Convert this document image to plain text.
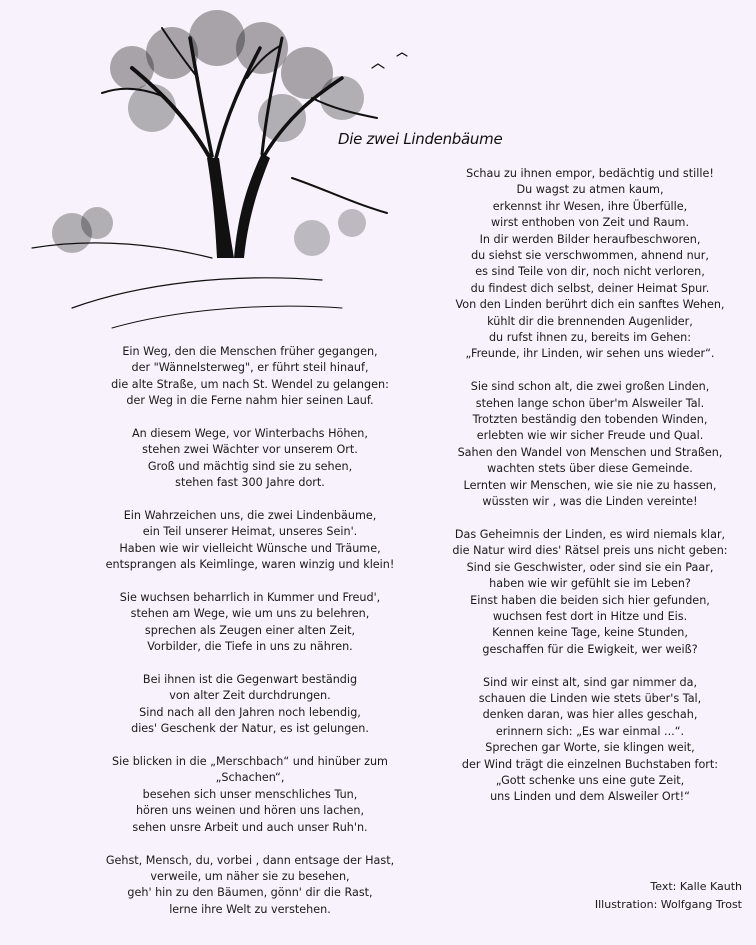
Die zwei Lindenbäume
Ein Weg, den die Menschen früher gegangen,
der "Wännelsterweg", er führt steil hinauf,
die alte Straße, um nach St. Wendel zu gelangen:
der Weg in die Ferne nahm hier seinen Lauf.
An diesem Wege, vor Winterbachs Höhen,
stehen zwei Wächter vor unserem Ort.
Groß und mächtig sind sie zu sehen,
stehen fast 300 Jahre dort.
Ein Wahrzeichen uns, die zwei Lindenbäume,
ein Teil unserer Heimat, unseres Sein'.
Haben wie wir vielleicht Wünsche und Träume,
entsprangen als Keimlinge, waren winzig und klein!
Sie wuchsen beharrlich in Kummer und Freud',
stehen am Wege, wie um uns zu belehren,
sprechen als Zeugen einer alten Zeit,
Vorbilder, die Tiefe in uns zu nähren.
Bei ihnen ist die Gegenwart beständig
von alter Zeit durchdrungen.
Sind nach all den Jahren noch lebendig,
dies' Geschenk der Natur, es ist gelungen.
Sie blicken in die „Merschbach“ und hinüber zum
„Schachen“,
besehen sich unser menschliches Tun,
hören uns weinen und hören uns lachen,
sehen unsre Arbeit und auch unser Ruh'n.
Gehst, Mensch, du, vorbei , dann entsage der Hast,
verweile, um näher sie zu besehen,
geh' hin zu den Bäumen, gönn' dir die Rast,
lerne ihre Welt zu verstehen.
Schau zu ihnen empor, bedächtig und stille!
Du wagst zu atmen kaum,
erkennst ihr Wesen, ihre Überfülle,
wirst enthoben von Zeit und Raum.
In dir werden Bilder heraufbeschworen,
du siehst sie verschwommen, ahnend nur,
es sind Teile von dir, noch nicht verloren,
du findest dich selbst, deiner Heimat Spur.
Von den Linden berührt dich ein sanftes Wehen,
kühlt dir die brennenden Augenlider,
du rufst ihnen zu, bereits im Gehen:
„Freunde, ihr Linden, wir sehen uns wieder“.
Sie sind schon alt, die zwei großen Linden,
stehen lange schon über'm Alsweiler Tal.
Trotzten beständig den tobenden Winden,
erlebten wie wir sicher Freude und Qual.
Sahen den Wandel von Menschen und Straßen,
wachten stets über diese Gemeinde.
Lernten wir Menschen, wie sie nie zu hassen,
wüssten wir , was die Linden vereinte!
Das Geheimnis der Linden, es wird niemals klar,
die Natur wird dies' Rätsel preis uns nicht geben:
Sind sie Geschwister, oder sind sie ein Paar,
haben wie wir gefühlt sie im Leben?
Einst haben die beiden sich hier gefunden,
wuchsen fest dort in Hitze und Eis.
Kennen keine Tage, keine Stunden,
geschaffen für die Ewigkeit, wer weiß?
Sind wir einst alt, sind gar nimmer da,
schauen die Linden wie stets über's Tal,
denken daran, was hier alles geschah,
erinnern sich: „Es war einmal ...“.
Sprechen gar Worte, sie klingen weit,
der Wind trägt die einzelnen Buchstaben fort:
„Gott schenke uns eine gute Zeit,
uns Linden und dem Alsweiler Ort!“
Text: Kalle Kauth
Illustration: Wolfgang Trost
